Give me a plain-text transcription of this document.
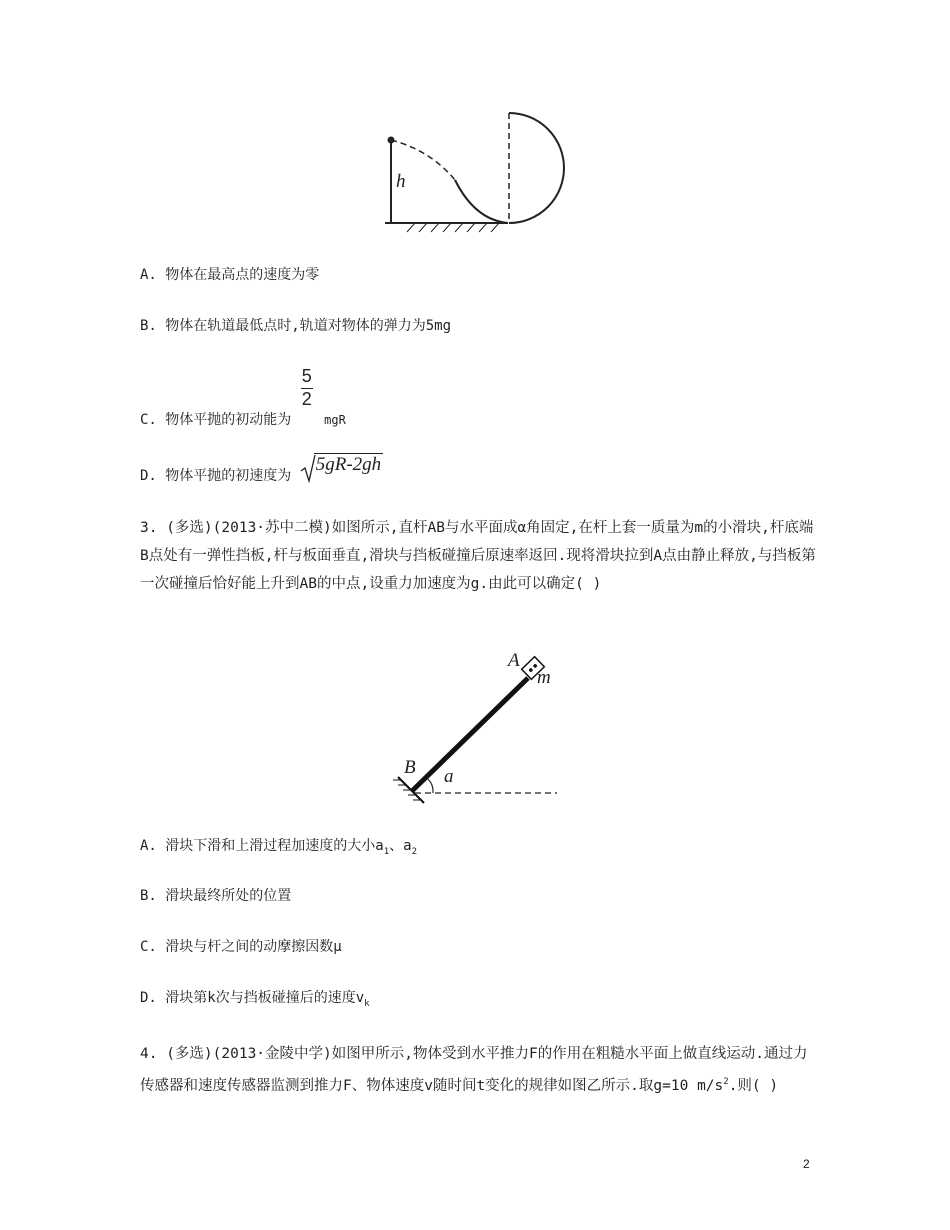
h
A. 物体在最高点的速度为零
B. 物体在轨道最低点时,轨道对物体的弹力为5mg
C. 物体平抛的初动能为
$\frac{5}{2}$
mgR
D. 物体平抛的初速度为
5gR-2gh
3. (多选)(2013·苏中二模)如图所示,直杆AB与水平面成α角固定,在杆上套一质量为m的小滑块,杆底端B点处有一弹性挡板,杆与板面垂直,滑块与挡板碰撞后原速率返回.现将滑块拉到A点由静止释放,与挡板第一次碰撞后恰好能上升到AB的中点,设重力加速度为g.由此可以确定( )
A
m
B a
A. 滑块下滑和上滑过程加速度的大小$a_1$、$a_2$
B. 滑块最终所处的位置
C. 滑块与杆之间的动摩擦因数μ
D. 滑块第k次与挡板碰撞后的速度$v_k$
4. (多选)(2013·金陵中学)如图甲所示,物体受到水平推力F的作用在粗糙水平面上做直线运动.通过力传感器和速度传感器监测到推力F、物体速度v随时间t变化的规律如图乙所示.取g=10 $m/s^2$.则( )
2
